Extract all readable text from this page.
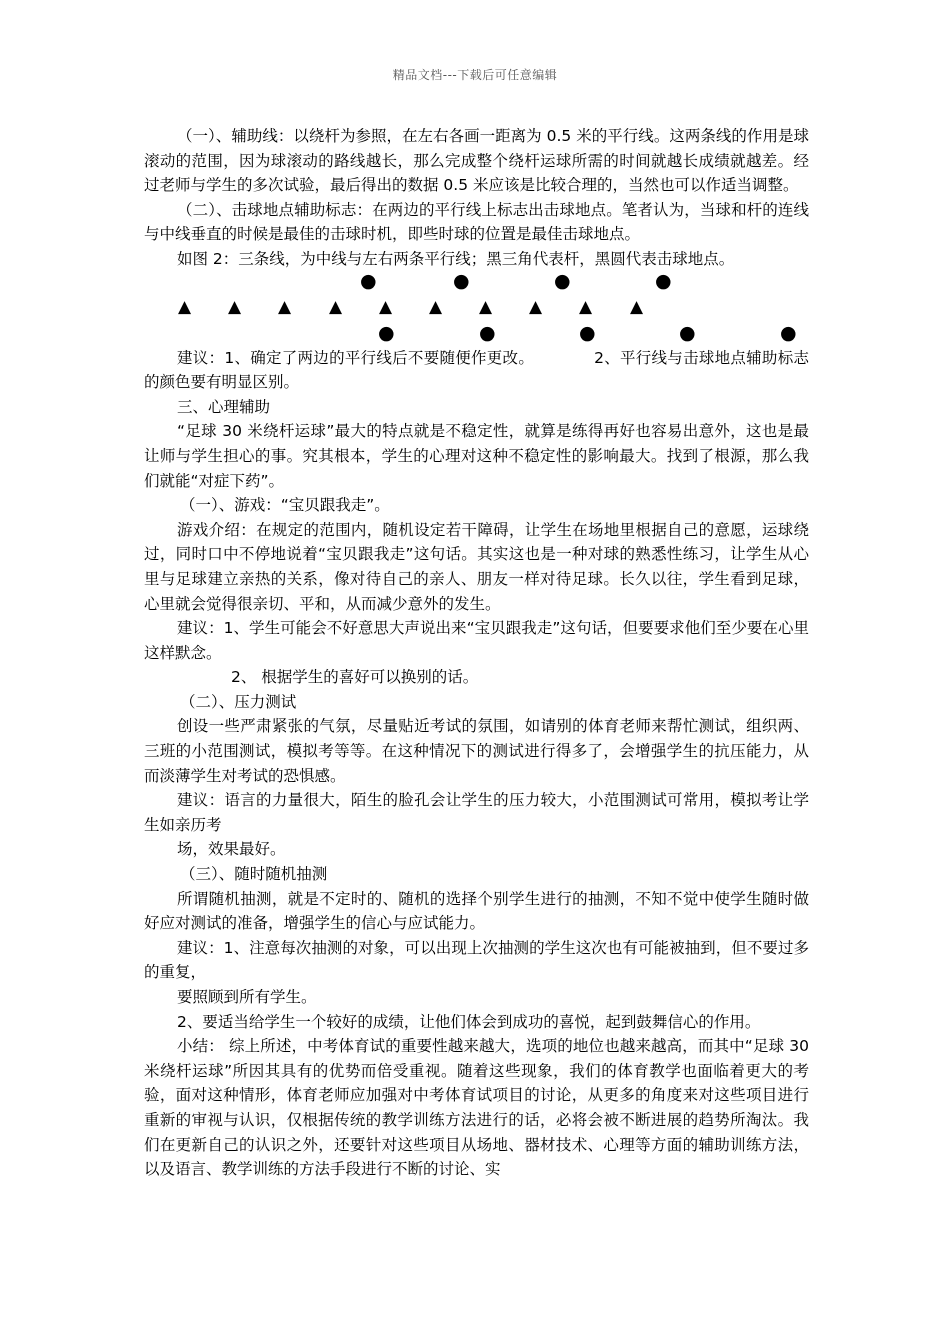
精品文档---下载后可任意编辑

（一）、辅助线：以绕杆为参照，在左右各画一距离为 0.5 米的平行线。这两条线的作用是球滚动的范围，因为球滚动的路线越长，那么完成整个绕杆运球所需的时间就越长成绩就越差。经过老师与学生的多次试验，最后得出的数据 0.5 米应该是比较合理的，当然也可以作适当调整。

（二）、击球地点辅助标志：在两边的平行线上标志出击球地点。笔者认为，当球和杆的连线与中线垂直的时候是最佳的击球时机，即些时球的位置是最佳击球地点。

如图 2：三条线，为中线与左右两条平行线；黑三角代表杆，黑圆代表击球地点。

●	●	●	●
▲ ▲ ▲ ▲ ▲ ▲ ▲ ▲ ▲ ▲
●	●	●	●	●

建议：1、确定了两边的平行线后不要随便作更改。	2、平行线与击球地点辅助标志的颜色要有明显区别。

三、心理辅助

“足球 30 米绕杆运球”最大的特点就是不稳定性，就算是练得再好也容易出意外，这也是最让师与学生担心的事。究其根本，学生的心理对这种不稳定性的影响最大。找到了根源，那么我们就能“对症下药”。

（一）、游戏：“宝贝跟我走”。

游戏介绍：在规定的范围内，随机设定若干障碍，让学生在场地里根据自己的意愿，运球绕过，同时口中不停地说着“宝贝跟我走”这句话。其实这也是一种对球的熟悉性练习，让学生从心里与足球建立亲热的关系，像对待自己的亲人、朋友一样对待足球。长久以往，学生看到足球，心里就会觉得很亲切、平和，从而减少意外的发生。

建议：1、学生可能会不好意思大声说出来“宝贝跟我走”这句话，但要要求他们至少要在心里这样默念。

2、 根据学生的喜好可以换别的话。

（二）、压力测试

创设一些严肃紧张的气氛，尽量贴近考试的氛围，如请别的体育老师来帮忙测试，组织两、三班的小范围测试，模拟考等等。在这种情况下的测试进行得多了，会增强学生的抗压能力，从而淡薄学生对考试的恐惧感。

建议：语言的力量很大，陌生的脸孔会让学生的压力较大，小范围测试可常用，模拟考让学生如亲历考

场，效果最好。

（三）、随时随机抽测

所谓随机抽测，就是不定时的、随机的选择个别学生进行的抽测，不知不觉中使学生随时做好应对测试的准备，增强学生的信心与应试能力。

建议：1、注意每次抽测的对象，可以出现上次抽测的学生这次也有可能被抽到，但不要过多的重复，

要照顾到所有学生。

2、要适当给学生一个较好的成绩，让他们体会到成功的喜悦，起到鼓舞信心的作用。

小结： 综上所述，中考体育试的重要性越来越大，选项的地位也越来越高，而其中“足球 30 米绕杆运球”所因其具有的优势而倍受重视。随着这些现象，我们的体育教学也面临着更大的考验，面对这种情形，体育老师应加强对中考体育试项目的讨论，从更多的角度来对这些项目进行重新的审视与认识，仅根据传统的教学训练方法进行的话，必将会被不断进展的趋势所淘汰。我们在更新自己的认识之外，还要针对这些项目从场地、器材技术、心理等方面的辅助训练方法，以及语言、教学训练的方法手段进行不断的讨论、实
